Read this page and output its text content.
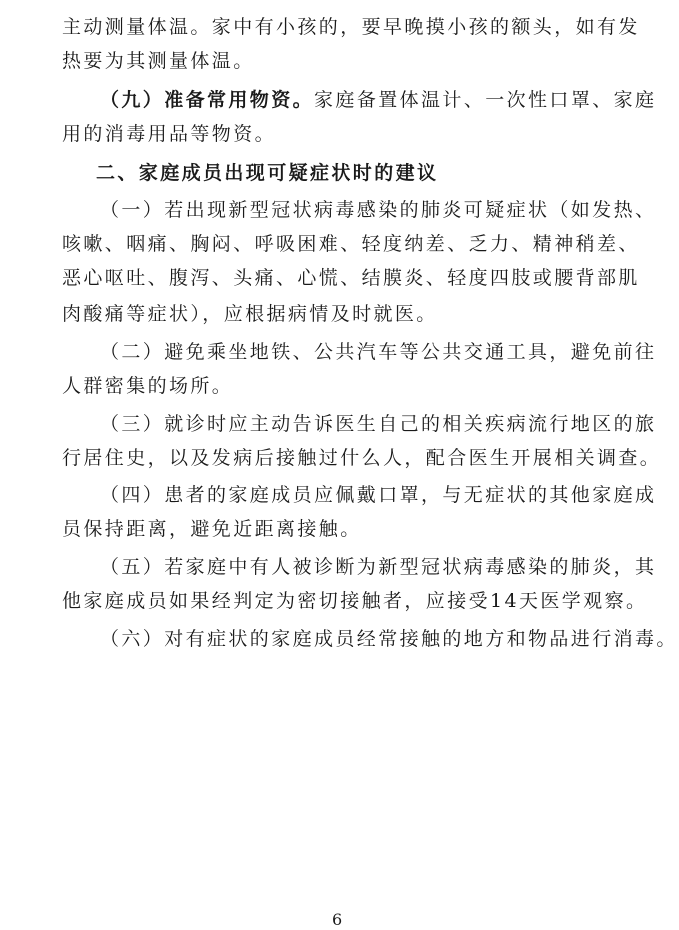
主动测量体温。家中有小孩的，要早晚摸小孩的额头，如有发
热要为其测量体温。
（九）准备常用物资。家庭备置体温计、一次性口罩、家庭
用的消毒用品等物资。
二、家庭成员出现可疑症状时的建议
（一）若出现新型冠状病毒感染的肺炎可疑症状（如发热、
咳嗽、咽痛、胸闷、呼吸困难、轻度纳差、乏力、精神稍差、
恶心呕吐、腹泻、头痛、心慌、结膜炎、轻度四肢或腰背部肌
肉酸痛等症状），应根据病情及时就医。
（二）避免乘坐地铁、公共汽车等公共交通工具，避免前往
人群密集的场所。
（三）就诊时应主动告诉医生自己的相关疾病流行地区的旅
行居住史，以及发病后接触过什么人，配合医生开展相关调查。
（四）患者的家庭成员应佩戴口罩，与无症状的其他家庭成
员保持距离，避免近距离接触。
（五）若家庭中有人被诊断为新型冠状病毒感染的肺炎，其
他家庭成员如果经判定为密切接触者，应接受14天医学观察。
（六）对有症状的家庭成员经常接触的地方和物品进行消毒。
6
